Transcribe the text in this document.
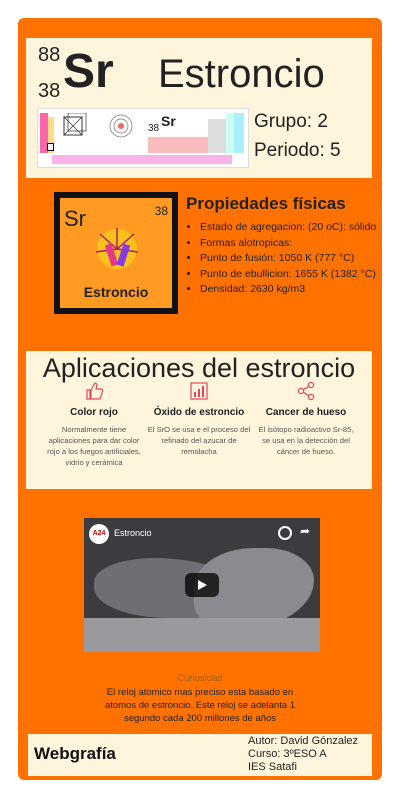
88
38 Sr Estroncio
38 Sr	Grupo: 2
Periodo: 5
Sr	38
Estroncio
Propiedades físicas
• Estado de agregacion: (20 oC): sólido
• Formas alotropicas:
• Punto de fusión: 1050 K (777 °C)
• Punto de ebullicion: 1655 K (1382 °C)
• Densidad: 2630 kg/m3
Aplicaciones del estroncio
Color rojo
Normalmente tiene aplicaciones para dar color rojo a los fuegos artificiales, vidrio y cerámica
Óxido de estroncio
El SrO se usa e el proceso del refinado del azucar de remolacha
Cancer de hueso
El isótopo radioactivo Sr-85, se usa en la detección del cáncer de hueso.
A24 Estroncio	➦
Curiosidad
El reloj atomico mas preciso esta basado en atomos de estroncio. Este reloj se adelanta 1 segundo cada 200 millones de años
Webgrafía
Autor: David Gónzalez
Curso: 3ºESO A
IES Satafi
